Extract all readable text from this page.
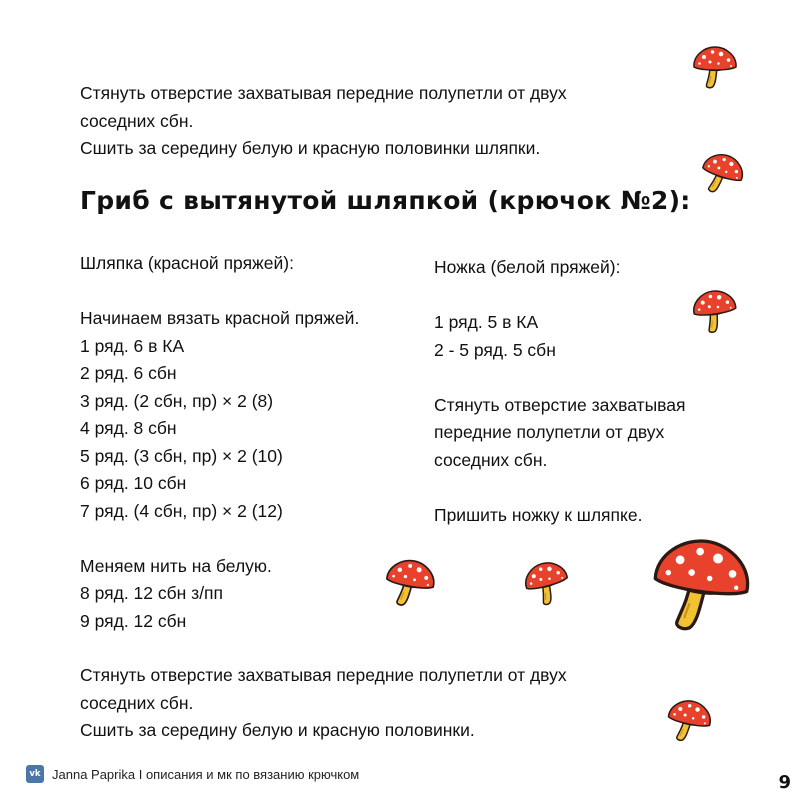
Стянуть отверстие захватывая передние полупетли от двух
соседних сбн.
Сшить за середину белую и красную половинки шляпки.
Гриб с вытянутой шляпкой (крючок №2):
Шляпка (красной пряжей):
Начинаем вязать красной пряжей.
1 ряд. 6 в КА
2 ряд. 6 сбн
3 ряд. (2 сбн, пр) × 2 (8)
4 ряд. 8 сбн
5 ряд. (3 сбн, пр) × 2 (10)
6 ряд. 10 сбн
7 ряд. (4 сбн, пр) × 2 (12)
Меняем нить на белую.
8 ряд. 12 сбн з/пп
9 ряд. 12 сбн
Ножка (белой пряжей):
1 ряд. 5 в КА
2 - 5 ряд. 5 сбн
Стянуть отверстие захватывая
передние полупетли от двух
соседних сбн.
Пришить ножку к шляпке.
Стянуть отверстие захватывая передние полупетли от двух
соседних сбн.
Сшить за середину белую и красную половинки.
vk Janna Paprika I описания и мк по вязанию крючком	9
